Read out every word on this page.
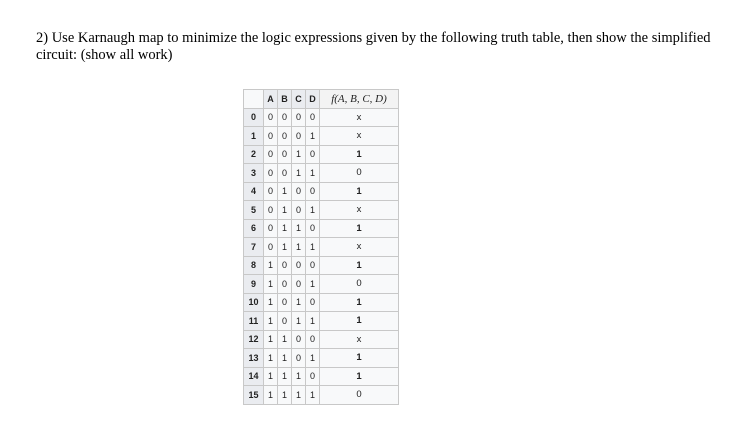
2) Use Karnaugh map to minimize the logic expressions given by the following truth table, then show the simplified circuit: (show all work)
	A	B	C	D	f(A, B, C, D)
0	0	0	0	0	x
1	0	0	0	1	x
2	0	0	1	0	1
3	0	0	1	1	0
4	0	1	0	0	1
5	0	1	0	1	x
6	0	1	1	0	1
7	0	1	1	1	x
8	1	0	0	0	1
9	1	0	0	1	0
10	1	0	1	0	1
11	1	0	1	1	1
12	1	1	0	0	x
13	1	1	0	1	1
14	1	1	1	0	1
15	1	1	1	1	0
